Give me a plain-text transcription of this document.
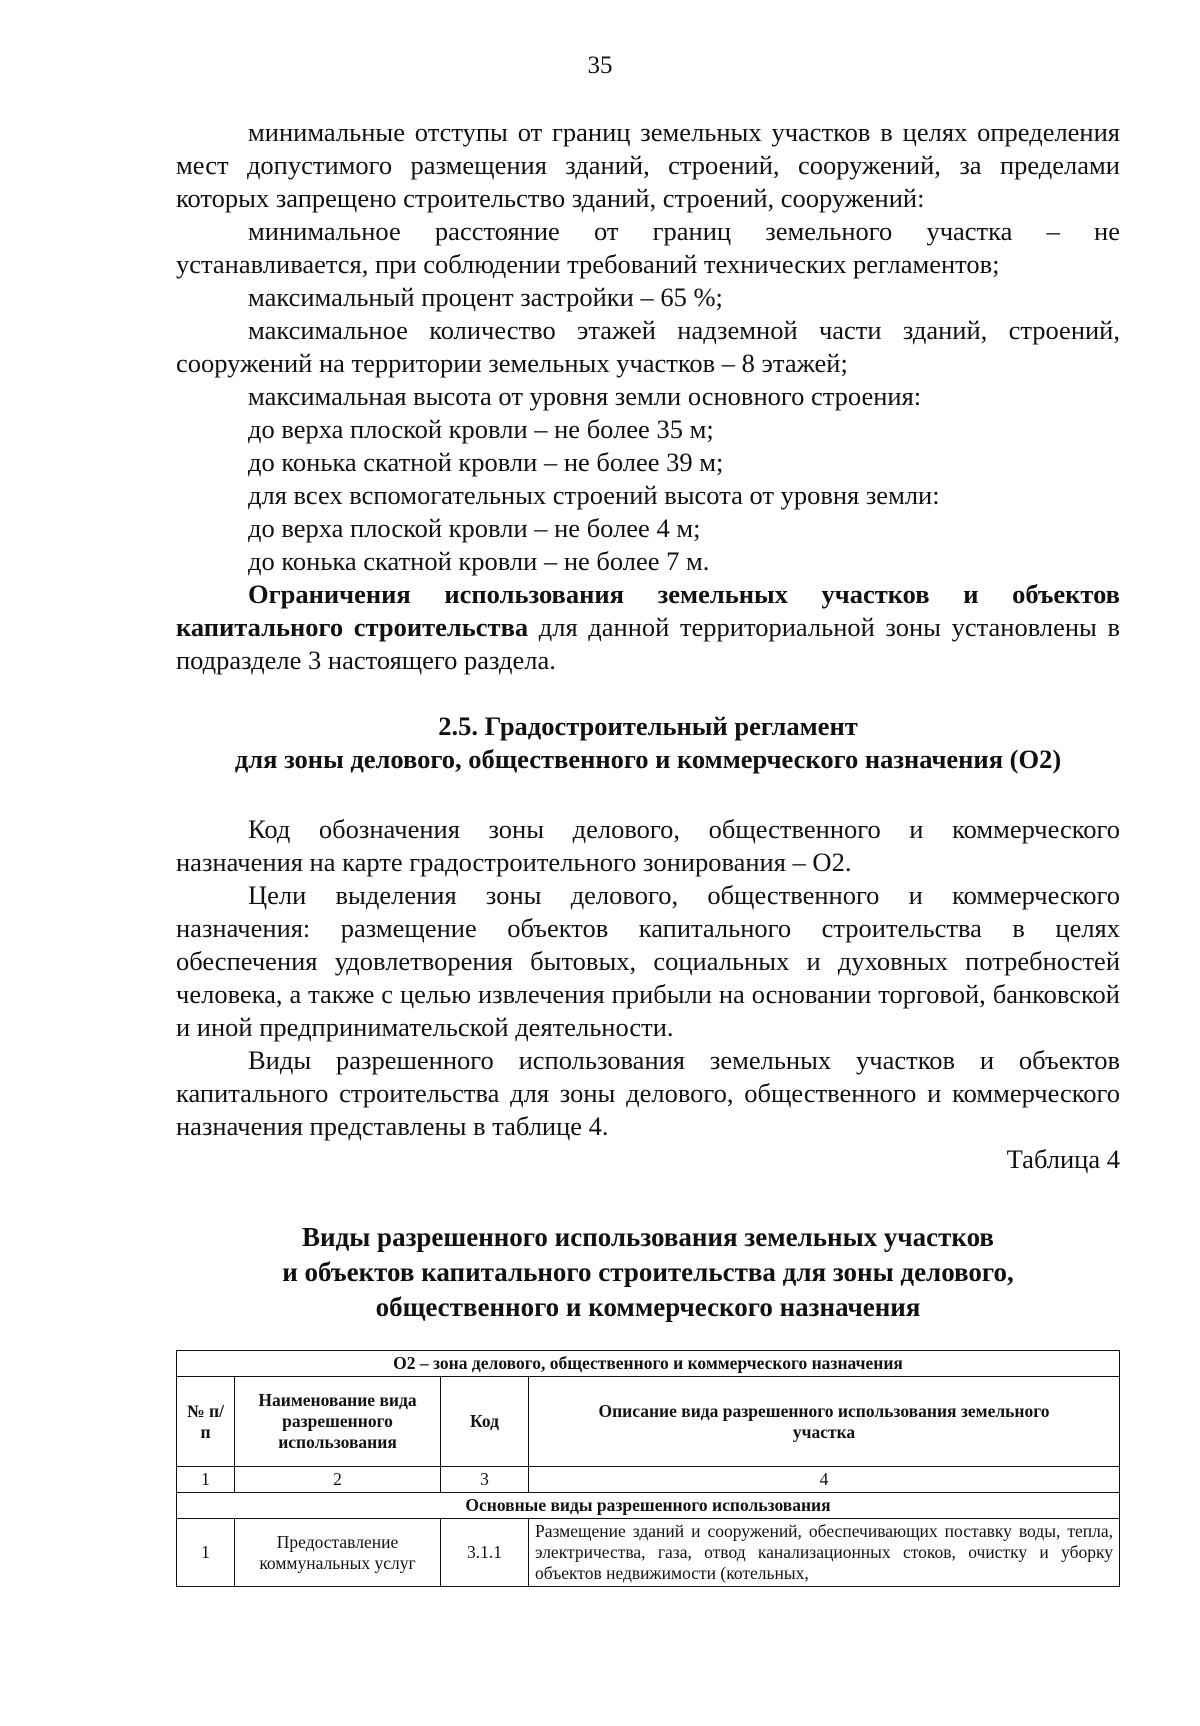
35

минимальные отступы от границ земельных участков в целях определения мест допустимого размещения зданий, строений, сооружений, за пределами которых запрещено строительство зданий, строений, сооружений:

минимальное расстояние от границ земельного участка – не устанавливается, при соблюдении требований технических регламентов;

максимальный процент застройки – 65 %;

максимальное количество этажей надземной части зданий, строений, сооружений на территории земельных участков – 8 этажей;

максимальная высота от уровня земли основного строения:

до верха плоской кровли – не более 35 м;

до конька скатной кровли – не более 39 м;

для всех вспомогательных строений высота от уровня земли:

до верха плоской кровли – не более 4 м;

до конька скатной кровли – не более 7 м.

Ограничения использования земельных участков и объектов капитального строительства для данной территориальной зоны установлены в подразделе 3 настоящего раздела.

2.5. Градостроительный регламент
для зоны делового, общественного и коммерческого назначения (О2)

Код обозначения зоны делового, общественного и коммерческого назначения на карте градостроительного зонирования – О2.

Цели выделения зоны делового, общественного и коммерческого назначения: размещение объектов капитального строительства в целях обеспечения удовлетворения бытовых, социальных и духовных потребностей человека, а также с целью извлечения прибыли на основании торговой, банковской и иной предпринимательской деятельности.

Виды разрешенного использования земельных участков и объектов капитального строительства для зоны делового, общественного и коммерческого назначения представлены в таблице 4.

Таблица 4

Виды разрешенного использования земельных участков
и объектов капитального строительства для зоны делового,
общественного и коммерческого назначения
О2 – зона делового, общественного и коммерческого назначения			
№ п/п	Наименование вида разрешенного использования	Код	Описание вида разрешенного использования земельного участка
1	2	3	4
Основные виды разрешенного использования			
1	Предоставление коммунальных услуг	3.1.1	Размещение зданий и сооружений, обеспечивающих поставку воды, тепла, электричества, газа, отвод канализационных стоков, очистку и уборку объектов недвижимости (котельных,
